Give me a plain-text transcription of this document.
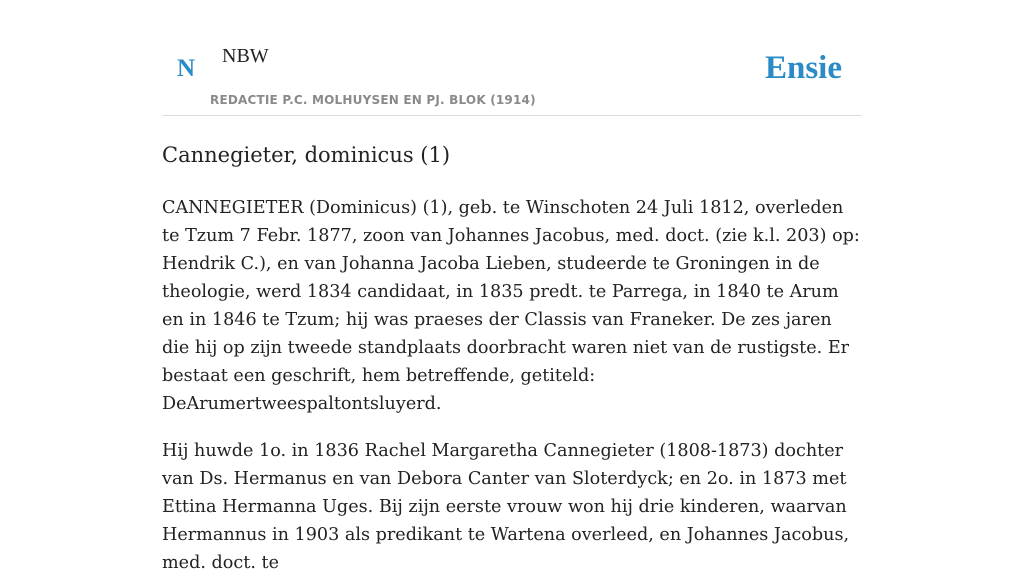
N NBW
REDACTIE P.C. MOLHUYSEN EN PJ. BLOK (1914)
Ensie
Cannegieter, dominicus (1)

CANNEGIETER (Dominicus) (1), geb. te Winschoten 24 Juli 1812, overleden te Tzum 7 Febr. 1877, zoon van Johannes Jacobus, med. doct. (zie k.l. 203) op: Hendrik C.), en van Johanna Jacoba Lieben, studeerde te Groningen in de theologie, werd 1834 candidaat, in 1835 predt. te Parrega, in 1840 te Arum en in 1846 te Tzum; hij was praeses der Classis van Franeker. De zes jaren die hij op zijn tweede standplaats doorbracht waren niet van de rustigste. Er bestaat een geschrift, hem betreffende, getiteld: DeArumertweespaltontsluyerd.

Hij huwde 1o. in 1836 Rachel Margaretha Cannegieter (1808-1873) dochter van Ds. Hermanus en van Debora Canter van Sloterdyck; en 2o. in 1873 met Ettina Hermanna Uges. Bij zijn eerste vrouw won hij drie kinderen, waarvan Hermannus in 1903 als predikant te Wartena overleed, en Johannes Jacobus, med. doct. te
